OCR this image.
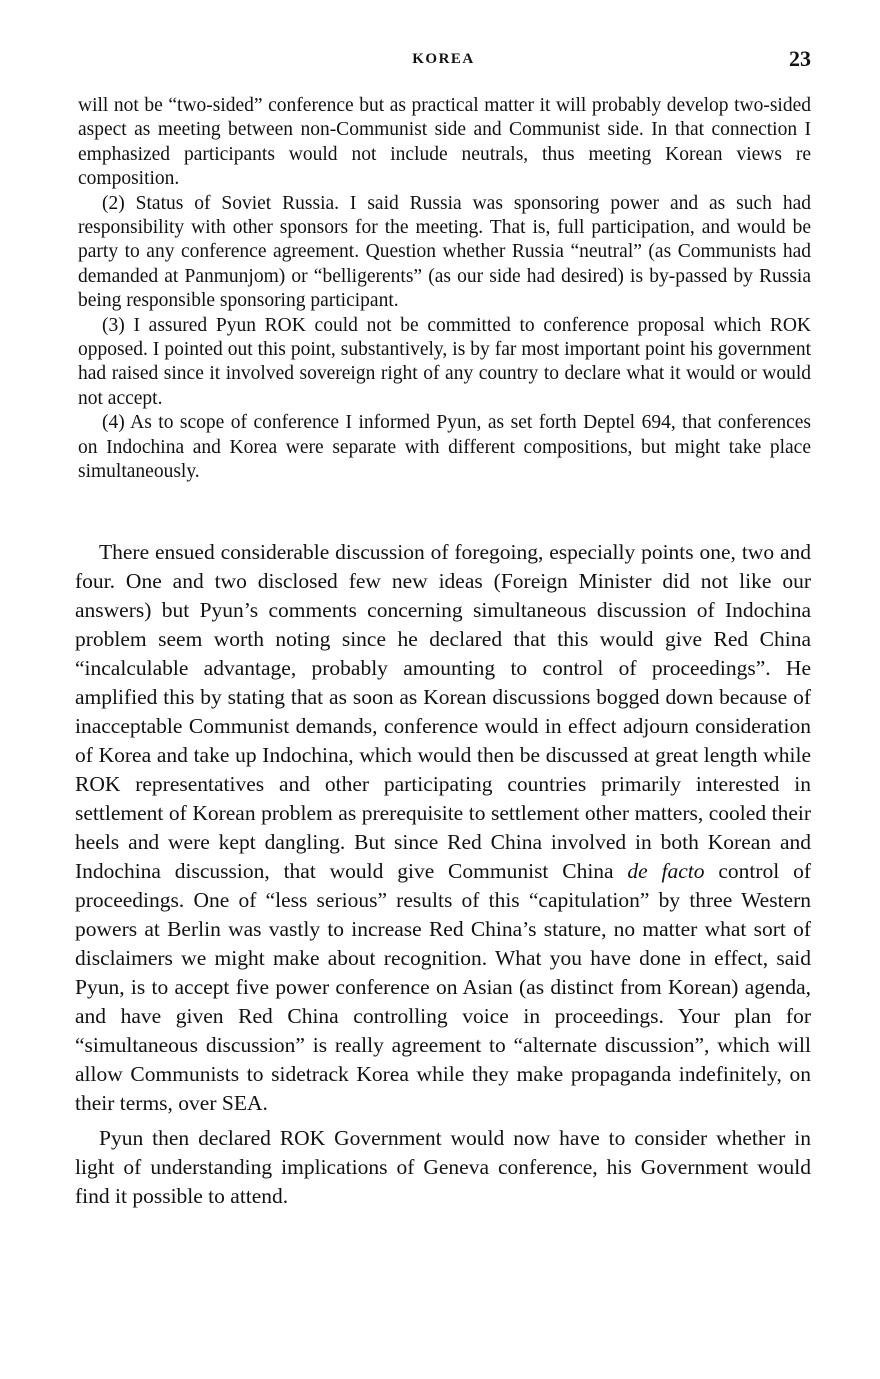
KOREA	23

will not be “two-sided” conference but as practical matter it will probably develop two-sided aspect as meeting between non-Communist side and Communist side. In that connection I emphasized participants would not include neutrals, thus meeting Korean views re composition.

(2) Status of Soviet Russia. I said Russia was sponsoring power and as such had responsibility with other sponsors for the meeting. That is, full participation, and would be party to any conference agreement. Question whether Russia “neutral” (as Communists had demanded at Panmunjom) or “belligerents” (as our side had desired) is by-passed by Russia being responsible sponsoring participant.

(3) I assured Pyun ROK could not be committed to conference proposal which ROK opposed. I pointed out this point, substantively, is by far most important point his government had raised since it involved sovereign right of any country to declare what it would or would not accept.

(4) As to scope of conference I informed Pyun, as set forth Deptel 694, that conferences on Indochina and Korea were separate with different compositions, but might take place simultaneously.

There ensued considerable discussion of foregoing, especially points one, two and four. One and two disclosed few new ideas (Foreign Minister did not like our answers) but Pyun’s comments concerning simultaneous discussion of Indochina problem seem worth noting since he declared that this would give Red China “incalculable advantage, probably amounting to control of proceedings”. He amplified this by stating that as soon as Korean discussions bogged down because of inacceptable Communist demands, conference would in effect adjourn consideration of Korea and take up Indochina, which would then be discussed at great length while ROK representatives and other participating countries primarily interested in settlement of Korean problem as prerequisite to settlement other matters, cooled their heels and were kept dangling. But since Red China involved in both Korean and Indochina discussion, that would give Communist China de facto control of proceedings. One of “less serious” results of this “capitulation” by three Western powers at Berlin was vastly to increase Red China’s stature, no matter what sort of disclaimers we might make about recognition. What you have done in effect, said Pyun, is to accept five power conference on Asian (as distinct from Korean) agenda, and have given Red China controlling voice in proceedings. Your plan for “simultaneous discussion” is really agreement to “alternate discussion”, which will allow Communists to sidetrack Korea while they make propaganda indefinitely, on their terms, over SEA.

Pyun then declared ROK Government would now have to consider whether in light of understanding implications of Geneva conference, his Government would find it possible to attend.
